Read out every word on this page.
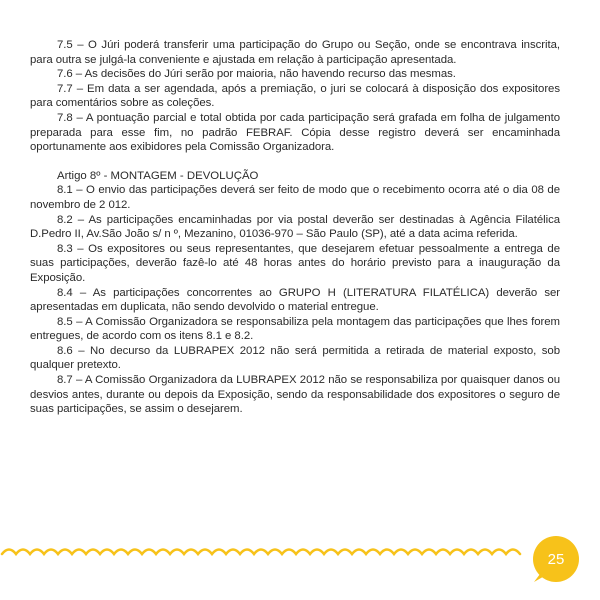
7.5 – O Júri poderá transferir uma participação do Grupo ou Seção, onde se encontrava inscrita, para outra se julgá-la conveniente e ajustada em relação à participação apresentada.

7.6 – As decisões do Júri serão por maioria, não havendo recurso das mesmas.

7.7 – Em data a ser agendada, após a premiação, o juri se colocará à disposição dos expositores para comentários sobre as coleções.

7.8 – A pontuação parcial e total obtida por cada participação será grafada em folha de julgamento preparada para esse fim, no padrão FEBRAF. Cópia desse registro deverá ser encaminhada oportunamente aos exibidores pela Comissão Organizadora.

Artigo 8º - MONTAGEM - DEVOLUÇÃO

8.1 – O envio das participações deverá ser feito de modo que o recebimento ocorra até o dia 08 de novembro de 2 012.

8.2 – As participações encaminhadas por via postal deverão ser destinadas à Agência Filatélica D.Pedro II, Av.São João s/ n º, Mezanino, 01036-970 – São Paulo (SP), até a data acima referida.

8.3 – Os expositores ou seus representantes, que desejarem efetuar pessoalmente a entrega de suas participações, deverão fazê-lo até 48 horas antes do horário previsto para a inauguração da Exposição.

8.4 – As participações concorrentes ao GRUPO H (LITERATURA FILATÉLICA) deverão ser apresentadas em duplicata, não sendo devolvido o material entregue.

8.5 – A Comissão Organizadora se responsabiliza pela montagem das participações que lhes forem entregues, de acordo com os itens 8.1 e 8.2.

8.6 – No decurso da LUBRAPEX 2012 não será permitida a retirada de material exposto, sob qualquer pretexto.

8.7 – A Comissão Organizadora da LUBRAPEX 2012 não se responsabiliza por quaisquer danos ou desvios antes, durante ou depois da Exposição, sendo da responsabilidade dos expositores o seguro de suas participações, se assim o desejarem.

25
